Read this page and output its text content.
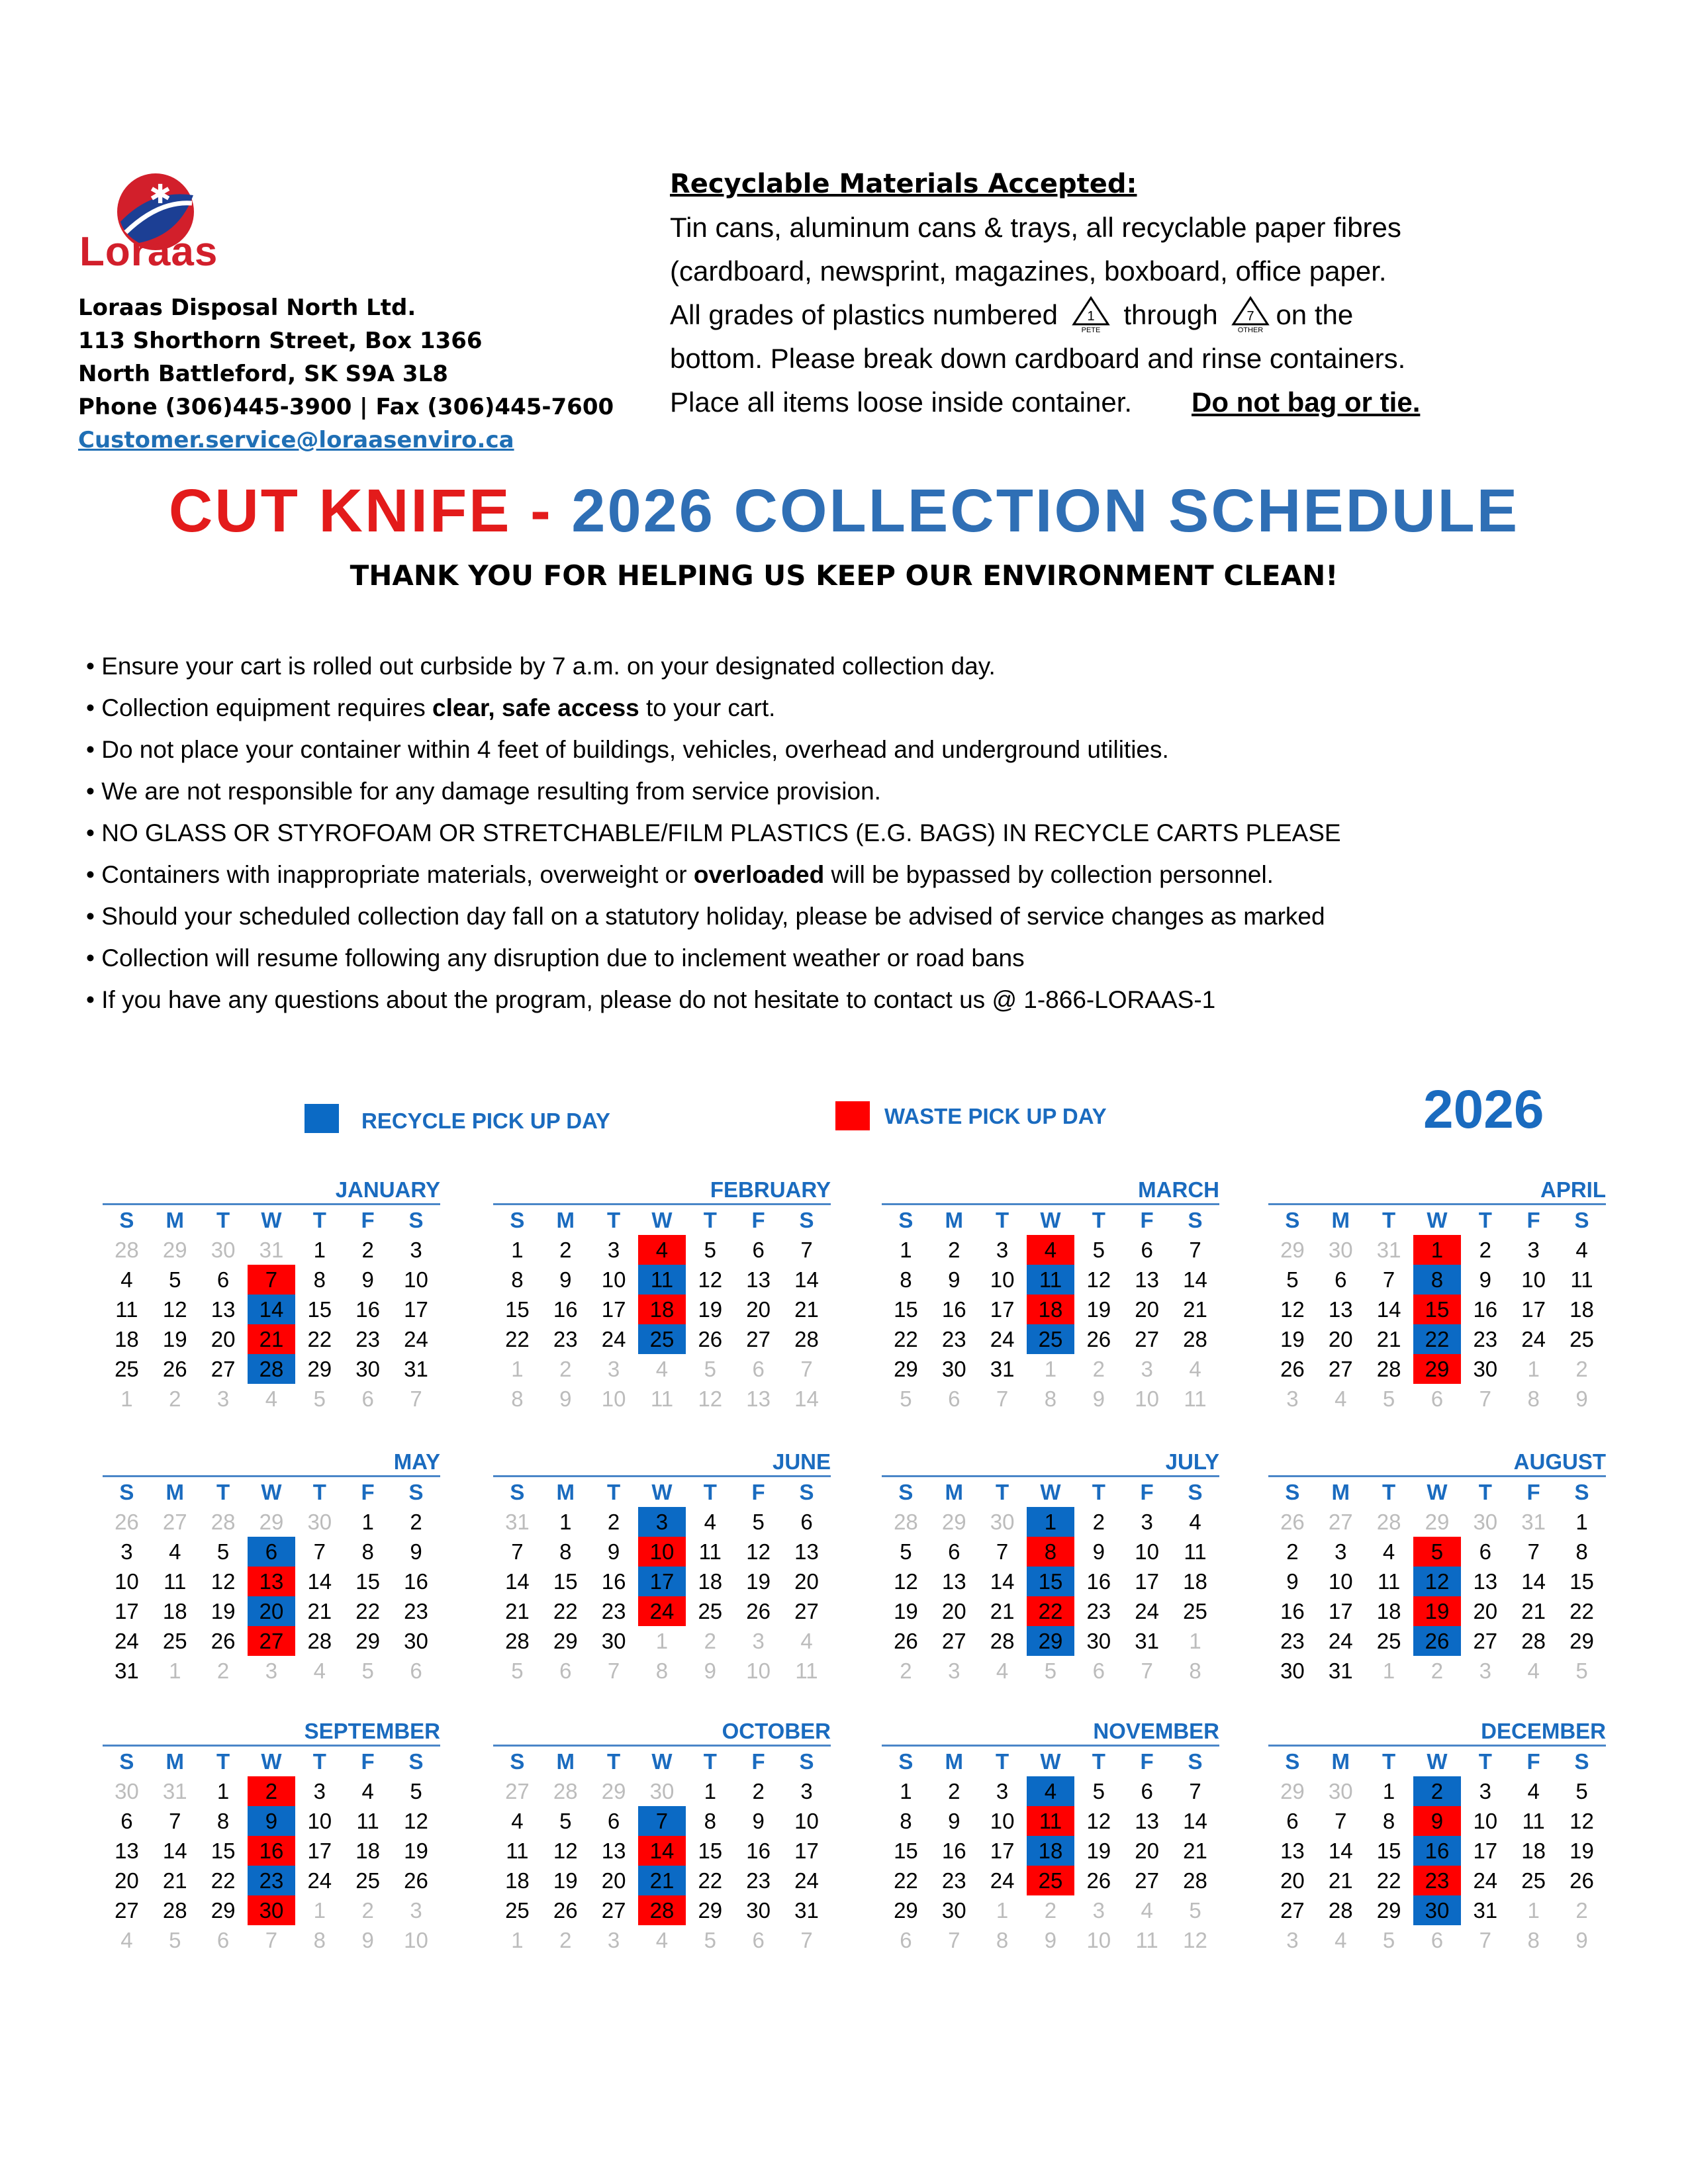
✱
Loraas
Loraas Disposal North Ltd.
113 Shorthorn Street, Box 1366
North Battleford, SK S9A 3L8
Phone (306)445-3900 | Fax (306)445-7600
Customer.service@loraasenviro.ca
Recyclable Materials Accepted:
Tin cans, aluminum cans & trays, all recyclable paper fibres
(cardboard, newsprint, magazines, boxboard, office paper.
All grades of plastics numbered 1
PETE through 7
OTHER on the
bottom. Please break down cardboard and rinse containers.
Place all items loose inside container. Do not bag or tie.
CUT KNIFE - 2026 COLLECTION SCHEDULE
THANK YOU FOR HELPING US KEEP OUR ENVIRONMENT CLEAN!
• Ensure your cart is rolled out curbside by 7 a.m. on your designated collection day.
• Collection equipment requires clear, safe access to your cart.
• Do not place your container within 4 feet of buildings, vehicles, overhead and underground utilities.
• We are not responsible for any damage resulting from service provision.
• NO GLASS OR STYROFOAM OR STRETCHABLE/FILM PLASTICS (E.G. BAGS) IN RECYCLE CARTS PLEASE
• Containers with inappropriate materials, overweight or overloaded will be bypassed by collection personnel.
• Should your scheduled collection day fall on a statutory holiday, please be advised of service changes as marked
• Collection will resume following any disruption due to inclement weather or road bans
• If you have any questions about the program, please do not hesitate to contact us @ 1-866-LORAAS-1
RECYCLE PICK UP DAY	WASTE PICK UP DAY	2026
JANUARY
S	M	T	W	T	F	S
28	29	30	31	1	2	3
4	5	6	7	8	9	10
11	12	13	14	15	16	17
18	19	20	21	22	23	24
25	26	27	28	29	30	31
1	2	3	4	5	6	7
FEBRUARY
S	M	T	W	T	F	S
1	2	3	4	5	6	7
8	9	10	11	12	13	14
15	16	17	18	19	20	21
22	23	24	25	26	27	28
1	2	3	4	5	6	7
8	9	10	11	12	13	14
MARCH
S	M	T	W	T	F	S
1	2	3	4	5	6	7
8	9	10	11	12	13	14
15	16	17	18	19	20	21
22	23	24	25	26	27	28
29	30	31	1	2	3	4
5	6	7	8	9	10	11
APRIL
S	M	T	W	T	F	S
29	30	31	1	2	3	4
5	6	7	8	9	10	11
12	13	14	15	16	17	18
19	20	21	22	23	24	25
26	27	28	29	30	1	2
3	4	5	6	7	8	9
MAY
S	M	T	W	T	F	S
26	27	28	29	30	1	2
3	4	5	6	7	8	9
10	11	12	13	14	15	16
17	18	19	20	21	22	23
24	25	26	27	28	29	30
31	1	2	3	4	5	6
JUNE
S	M	T	W	T	F	S
31	1	2	3	4	5	6
7	8	9	10	11	12	13
14	15	16	17	18	19	20
21	22	23	24	25	26	27
28	29	30	1	2	3	4
5	6	7	8	9	10	11
JULY
S	M	T	W	T	F	S
28	29	30	1	2	3	4
5	6	7	8	9	10	11
12	13	14	15	16	17	18
19	20	21	22	23	24	25
26	27	28	29	30	31	1
2	3	4	5	6	7	8
AUGUST
S	M	T	W	T	F	S
26	27	28	29	30	31	1
2	3	4	5	6	7	8
9	10	11	12	13	14	15
16	17	18	19	20	21	22
23	24	25	26	27	28	29
30	31	1	2	3	4	5
SEPTEMBER
S	M	T	W	T	F	S
30	31	1	2	3	4	5
6	7	8	9	10	11	12
13	14	15	16	17	18	19
20	21	22	23	24	25	26
27	28	29	30	1	2	3
4	5	6	7	8	9	10
OCTOBER
S	M	T	W	T	F	S
27	28	29	30	1	2	3
4	5	6	7	8	9	10
11	12	13	14	15	16	17
18	19	20	21	22	23	24
25	26	27	28	29	30	31
1	2	3	4	5	6	7
NOVEMBER
S	M	T	W	T	F	S
1	2	3	4	5	6	7
8	9	10	11	12	13	14
15	16	17	18	19	20	21
22	23	24	25	26	27	28
29	30	1	2	3	4	5
6	7	8	9	10	11	12
DECEMBER
S	M	T	W	T	F	S
29	30	1	2	3	4	5
6	7	8	9	10	11	12
13	14	15	16	17	18	19
20	21	22	23	24	25	26
27	28	29	30	31	1	2
3	4	5	6	7	8	9
